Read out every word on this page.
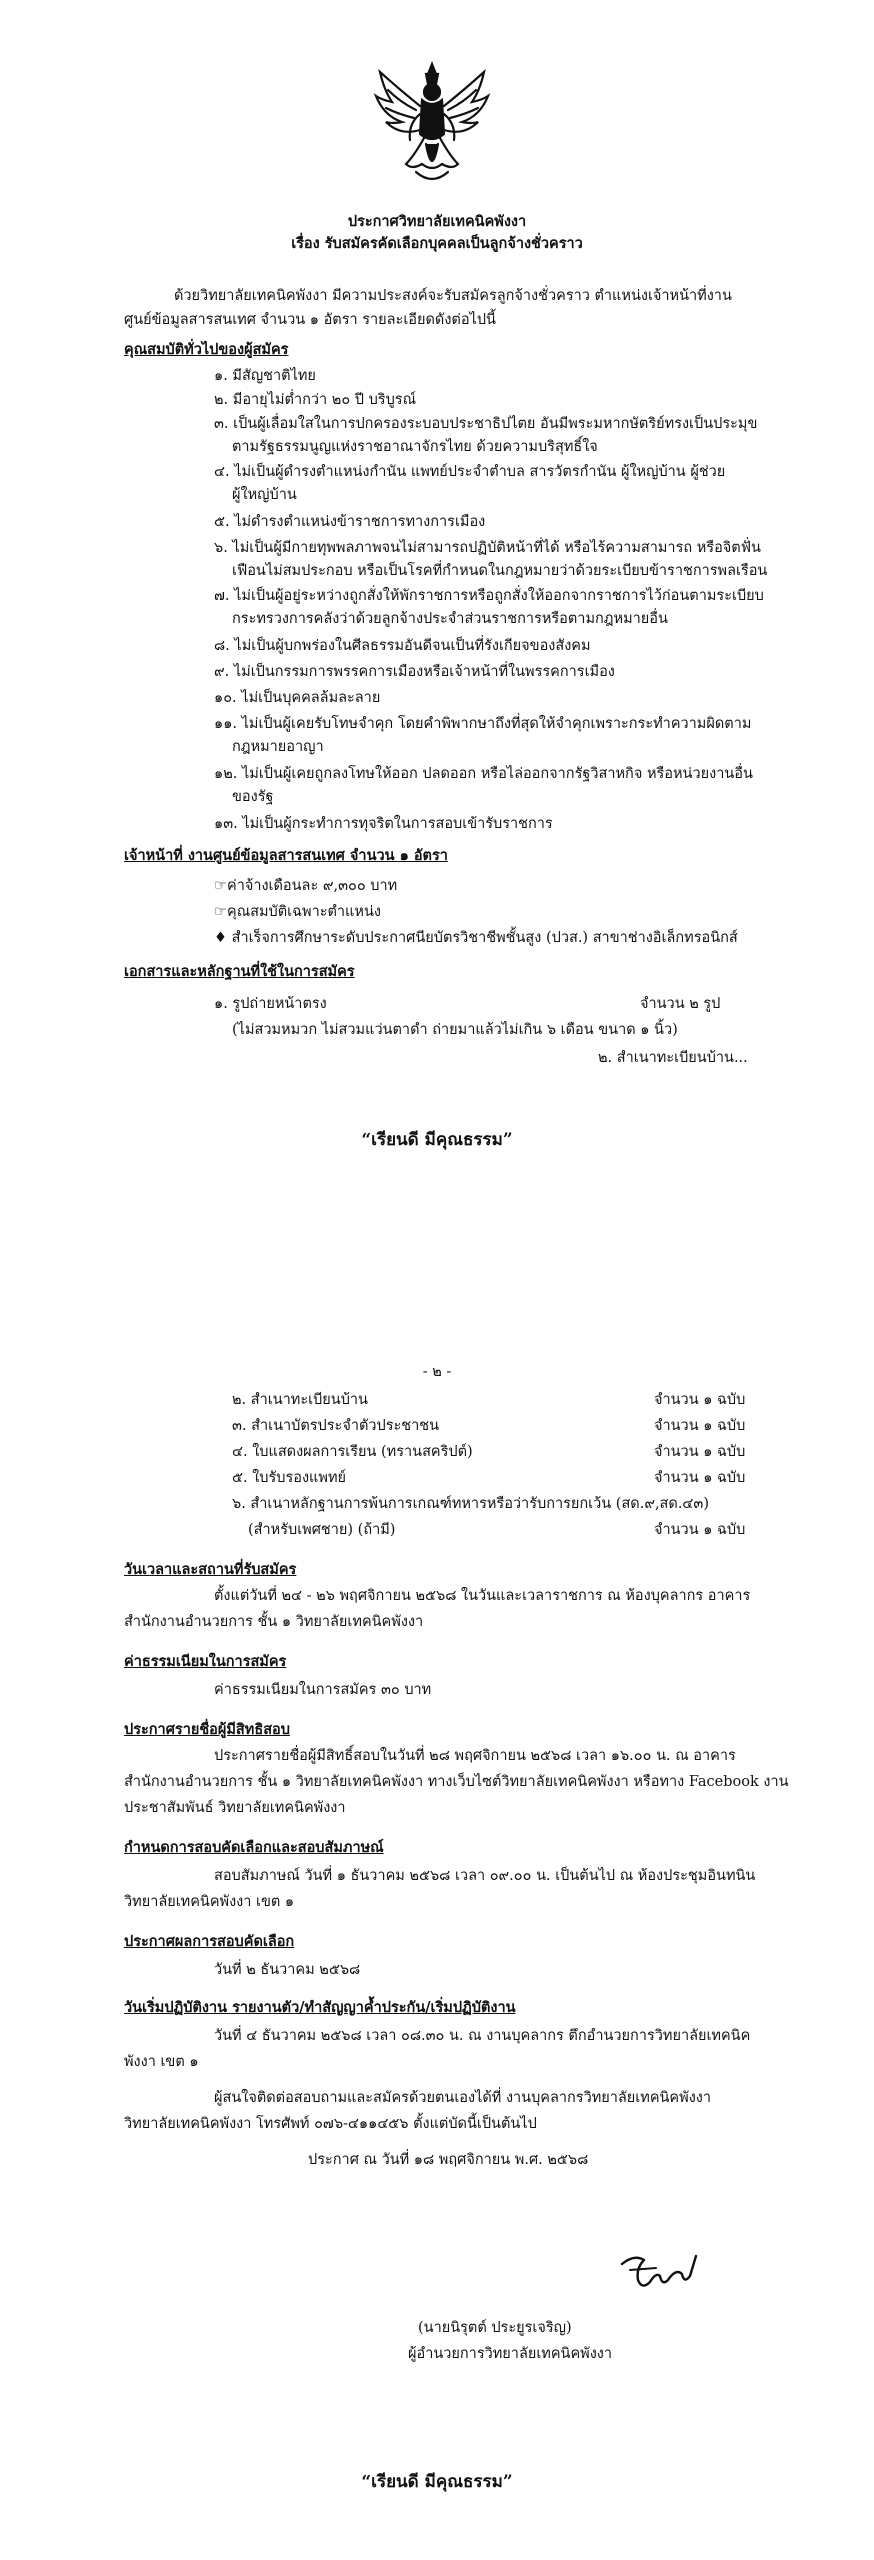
ประกาศวิทยาลัยเทคนิคพังงา
เรื่อง รับสมัครคัดเลือกบุคคลเป็นลูกจ้างชั่วคราว
ด้วยวิทยาลัยเทคนิคพังงา มีความประสงค์จะรับสมัครลูกจ้างชั่วคราว ตำแหน่งเจ้าหน้าที่งาน
ศูนย์ข้อมูลสารสนเทศ จำนวน ๑ อัตรา รายละเอียดดังต่อไปนี้
คุณสมบัติทั่วไปของผู้สมัคร
๑. มีสัญชาติไทย
๒. มีอายุไม่ต่ำกว่า ๒๐ ปี บริบูรณ์
๓. เป็นผู้เลื่อมใสในการปกครองระบอบประชาธิปไตย อันมีพระมหากษัตริย์ทรงเป็นประมุข
ตามรัฐธรรมนูญแห่งราชอาณาจักรไทย ด้วยความบริสุทธิ์ใจ
๔. ไม่เป็นผู้ดำรงตำแหน่งกำนัน แพทย์ประจำตำบล สารวัตรกำนัน ผู้ใหญ่บ้าน ผู้ช่วย
ผู้ใหญ่บ้าน
๕. ไม่ดำรงตำแหน่งข้าราชการทางการเมือง
๖. ไม่เป็นผู้มีกายทุพพลภาพจนไม่สามารถปฏิบัติหน้าที่ได้ หรือไร้ความสามารถ หรือจิตฟั่น
เฟือนไม่สมประกอบ หรือเป็นโรคที่กำหนดในกฎหมายว่าด้วยระเบียบข้าราชการพลเรือน
๗. ไม่เป็นผู้อยู่ระหว่างถูกสั่งให้พักราชการหรือถูกสั่งให้ออกจากราชการไว้ก่อนตามระเบียบ
กระทรวงการคลังว่าด้วยลูกจ้างประจำส่วนราชการหรือตามกฎหมายอื่น
๘. ไม่เป็นผู้บกพร่องในศีลธรรมอันดีจนเป็นที่รังเกียจของสังคม
๙. ไม่เป็นกรรมการพรรคการเมืองหรือเจ้าหน้าที่ในพรรคการเมือง
๑๐. ไม่เป็นบุคคลล้มละลาย
๑๑. ไม่เป็นผู้เคยรับโทษจำคุก โดยคำพิพากษาถึงที่สุดให้จำคุกเพราะกระทำความผิดตาม
กฎหมายอาญา
๑๒. ไม่เป็นผู้เคยถูกลงโทษให้ออก ปลดออก หรือไล่ออกจากรัฐวิสาหกิจ หรือหน่วยงานอื่น
ของรัฐ
๑๓. ไม่เป็นผู้กระทำการทุจริตในการสอบเข้ารับราชการ
เจ้าหน้าที่ งานศูนย์ข้อมูลสารสนเทศ จำนวน ๑ อัตรา
☞ค่าจ้างเดือนละ ๙,๓๐๐ บาท
☞คุณสมบัติเฉพาะตำแหน่ง
♦ สำเร็จการศึกษาระดับประกาศนียบัตรวิชาชีพชั้นสูง (ปวส.) สาขาช่างอิเล็กทรอนิกส์
เอกสารและหลักฐานที่ใช้ในการสมัคร
๑. รูปถ่ายหน้าตรง	จำนวน ๒ รูป
(ไม่สวมหมวก ไม่สวมแว่นตาดำ ถ่ายมาแล้วไม่เกิน ๖ เดือน ขนาด ๑ นิ้ว)
๒. สำเนาทะเบียนบ้าน...
“เรียนดี มีคุณธรรม”
- ๒ -
๒. สำเนาทะเบียนบ้าน	จำนวน ๑ ฉบับ
๓. สำเนาบัตรประจำตัวประชาชน	จำนวน ๑ ฉบับ
๔. ใบแสดงผลการเรียน (ทรานสคริปต์)	จำนวน ๑ ฉบับ
๕. ใบรับรองแพทย์	จำนวน ๑ ฉบับ
๖. สำเนาหลักฐานการพ้นการเกณฑ์ทหารหรือว่ารับการยกเว้น (สด.๙,สด.๔๓)
(สำหรับเพศชาย) (ถ้ามี)	จำนวน ๑ ฉบับ
วันเวลาและสถานที่รับสมัคร
ตั้งแต่วันที่ ๒๔ - ๒๖ พฤศจิกายน ๒๕๖๘ ในวันและเวลาราชการ ณ ห้องบุคลากร อาคาร
สำนักงานอำนวยการ ชั้น ๑ วิทยาลัยเทคนิคพังงา
ค่าธรรมเนียมในการสมัคร
ค่าธรรมเนียมในการสมัคร ๓๐ บาท
ประกาศรายชื่อผู้มีสิทธิสอบ
ประกาศรายชื่อผู้มีสิทธิ์สอบในวันที่ ๒๘ พฤศจิกายน ๒๕๖๘ เวลา ๑๖.๐๐ น. ณ อาคาร
สำนักงานอำนวยการ ชั้น ๑ วิทยาลัยเทคนิคพังงา ทางเว็บไซต์วิทยาลัยเทคนิคพังงา หรือทาง Facebook งาน
ประชาสัมพันธ์ วิทยาลัยเทคนิคพังงา
กำหนดการสอบคัดเลือกและสอบสัมภาษณ์
สอบสัมภาษณ์ วันที่ ๑ ธันวาคม ๒๕๖๘ เวลา ๐๙.๐๐ น. เป็นต้นไป ณ ห้องประชุมอินทนิน
วิทยาลัยเทคนิคพังงา เขต ๑
ประกาศผลการสอบคัดเลือก
วันที่ ๒ ธันวาคม ๒๕๖๘
วันเริ่มปฏิบัติงาน รายงานตัว/ทำสัญญาค้ำประกัน/เริ่มปฏิบัติงาน
วันที่ ๔ ธันวาคม ๒๕๖๘ เวลา ๐๘.๓๐ น. ณ งานบุคลากร ตึกอำนวยการวิทยาลัยเทคนิค
พังงา เขต ๑
ผู้สนใจติดต่อสอบถามและสมัครด้วยตนเองได้ที่ งานบุคลากรวิทยาลัยเทคนิคพังงา
วิทยาลัยเทคนิคพังงา โทรศัพท์ ๐๗๖-๔๑๑๔๕๖ ตั้งแต่บัดนี้เป็นต้นไป
ประกาศ ณ วันที่ ๑๘ พฤศจิกายน พ.ศ. ๒๕๖๘
(นายนิรุตต์ ประยูรเจริญ)
ผู้อำนวยการวิทยาลัยเทคนิคพังงา
“เรียนดี มีคุณธรรม”
